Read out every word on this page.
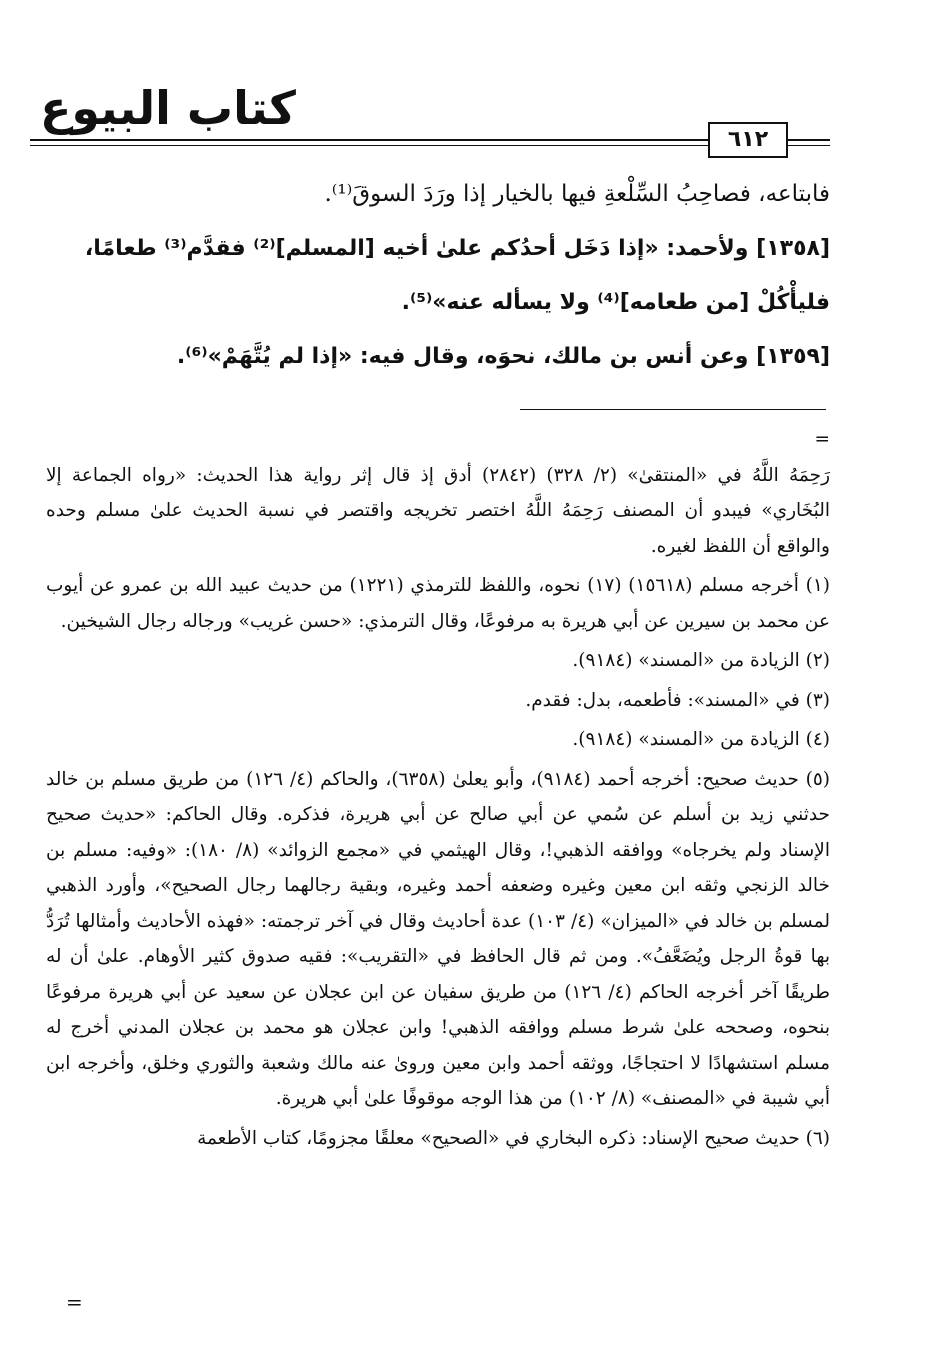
كتاب البيوع
٦١٢

فابتاعه، فصاحِبُ السِّلْعةِ فيها بالخيار إذا ورَدَ السوقَ⁽¹⁾.

[١٣٥٨] ولأحمد: «إذا دَخَل أحدُكم علىٰ أخيه [المسلم]⁽²⁾ فقدَّم⁽³⁾ طعامًا، فليأْكُلْ [من طعامه]⁽⁴⁾ ولا يسأله عنه»⁽⁵⁾.

[١٣٥٩] وعن أنس بن مالك، نحوَه، وقال فيه: «إذا لم يُتَّهَمْ»⁽⁶⁾.

=

رَحِمَهُ اللَّهُ في «المنتقىٰ» (٢/ ٣٢٨) (٢٨٤٢) أدق إذ قال إثر رواية هذا الحديث: «رواه الجماعة إلا البُخَاري» فيبدو أن المصنف رَحِمَهُ اللَّهُ اختصر تخريجه واقتصر في نسبة الحديث علىٰ مسلم وحده والواقع أن اللفظ لغيره.

(١) أخرجه مسلم (١٥٦١٨) (١٧) نحوه، واللفظ للترمذي (١٢٢١) من حديث عبيد الله بن عمرو عن أيوب عن محمد بن سيرين عن أبي هريرة به مرفوعًا، وقال الترمذي: «حسن غريب» ورجاله رجال الشيخين.

(٢) الزيادة من «المسند» (٩١٨٤).

(٣) في «المسند»: فأطعمه، بدل: فقدم.

(٤) الزيادة من «المسند» (٩١٨٤).

(٥) حديث صحيح: أخرجه أحمد (٩١٨٤)، وأبو يعلىٰ (٦٣٥٨)، والحاكم (٤/ ١٢٦) من طريق مسلم بن خالد حدثني زيد بن أسلم عن سُمي عن أبي صالح عن أبي هريرة، فذكره. وقال الحاكم: «حديث صحيح الإسناد ولم يخرجاه» ووافقه الذهبي!، وقال الهيثمي في «مجمع الزوائد» (٨/ ١٨٠): «وفيه: مسلم بن خالد الزنجي وثقه ابن معين وغيره وضعفه أحمد وغيره، وبقية رجالهما رجال الصحيح»، وأورد الذهبي لمسلم بن خالد في «الميزان» (٤/ ١٠٣) عدة أحاديث وقال في آخر ترجمته: «فهذه الأحاديث وأمثالها تُرَدُّ بها قوةُ الرجل ويُضَعَّفُ». ومن ثم قال الحافظ في «التقريب»: فقيه صدوق كثير الأوهام. علىٰ أن له طريقًا آخر أخرجه الحاكم (٤/ ١٢٦) من طريق سفيان عن ابن عجلان عن سعيد عن أبي هريرة مرفوعًا بنحوه، وصححه علىٰ شرط مسلم ووافقه الذهبي! وابن عجلان هو محمد بن عجلان المدني أخرج له مسلم استشهادًا لا احتجاجًا، ووثقه أحمد وابن معين وروىٰ عنه مالك وشعبة والثوري وخلق، وأخرجه ابن أبي شيبة في «المصنف» (٨/ ١٠٢) من هذا الوجه موقوفًا علىٰ أبي هريرة.

(٦) حديث صحيح الإسناد: ذكره البخاري في «الصحيح» معلقًا مجزومًا، كتاب الأطعمة

=
